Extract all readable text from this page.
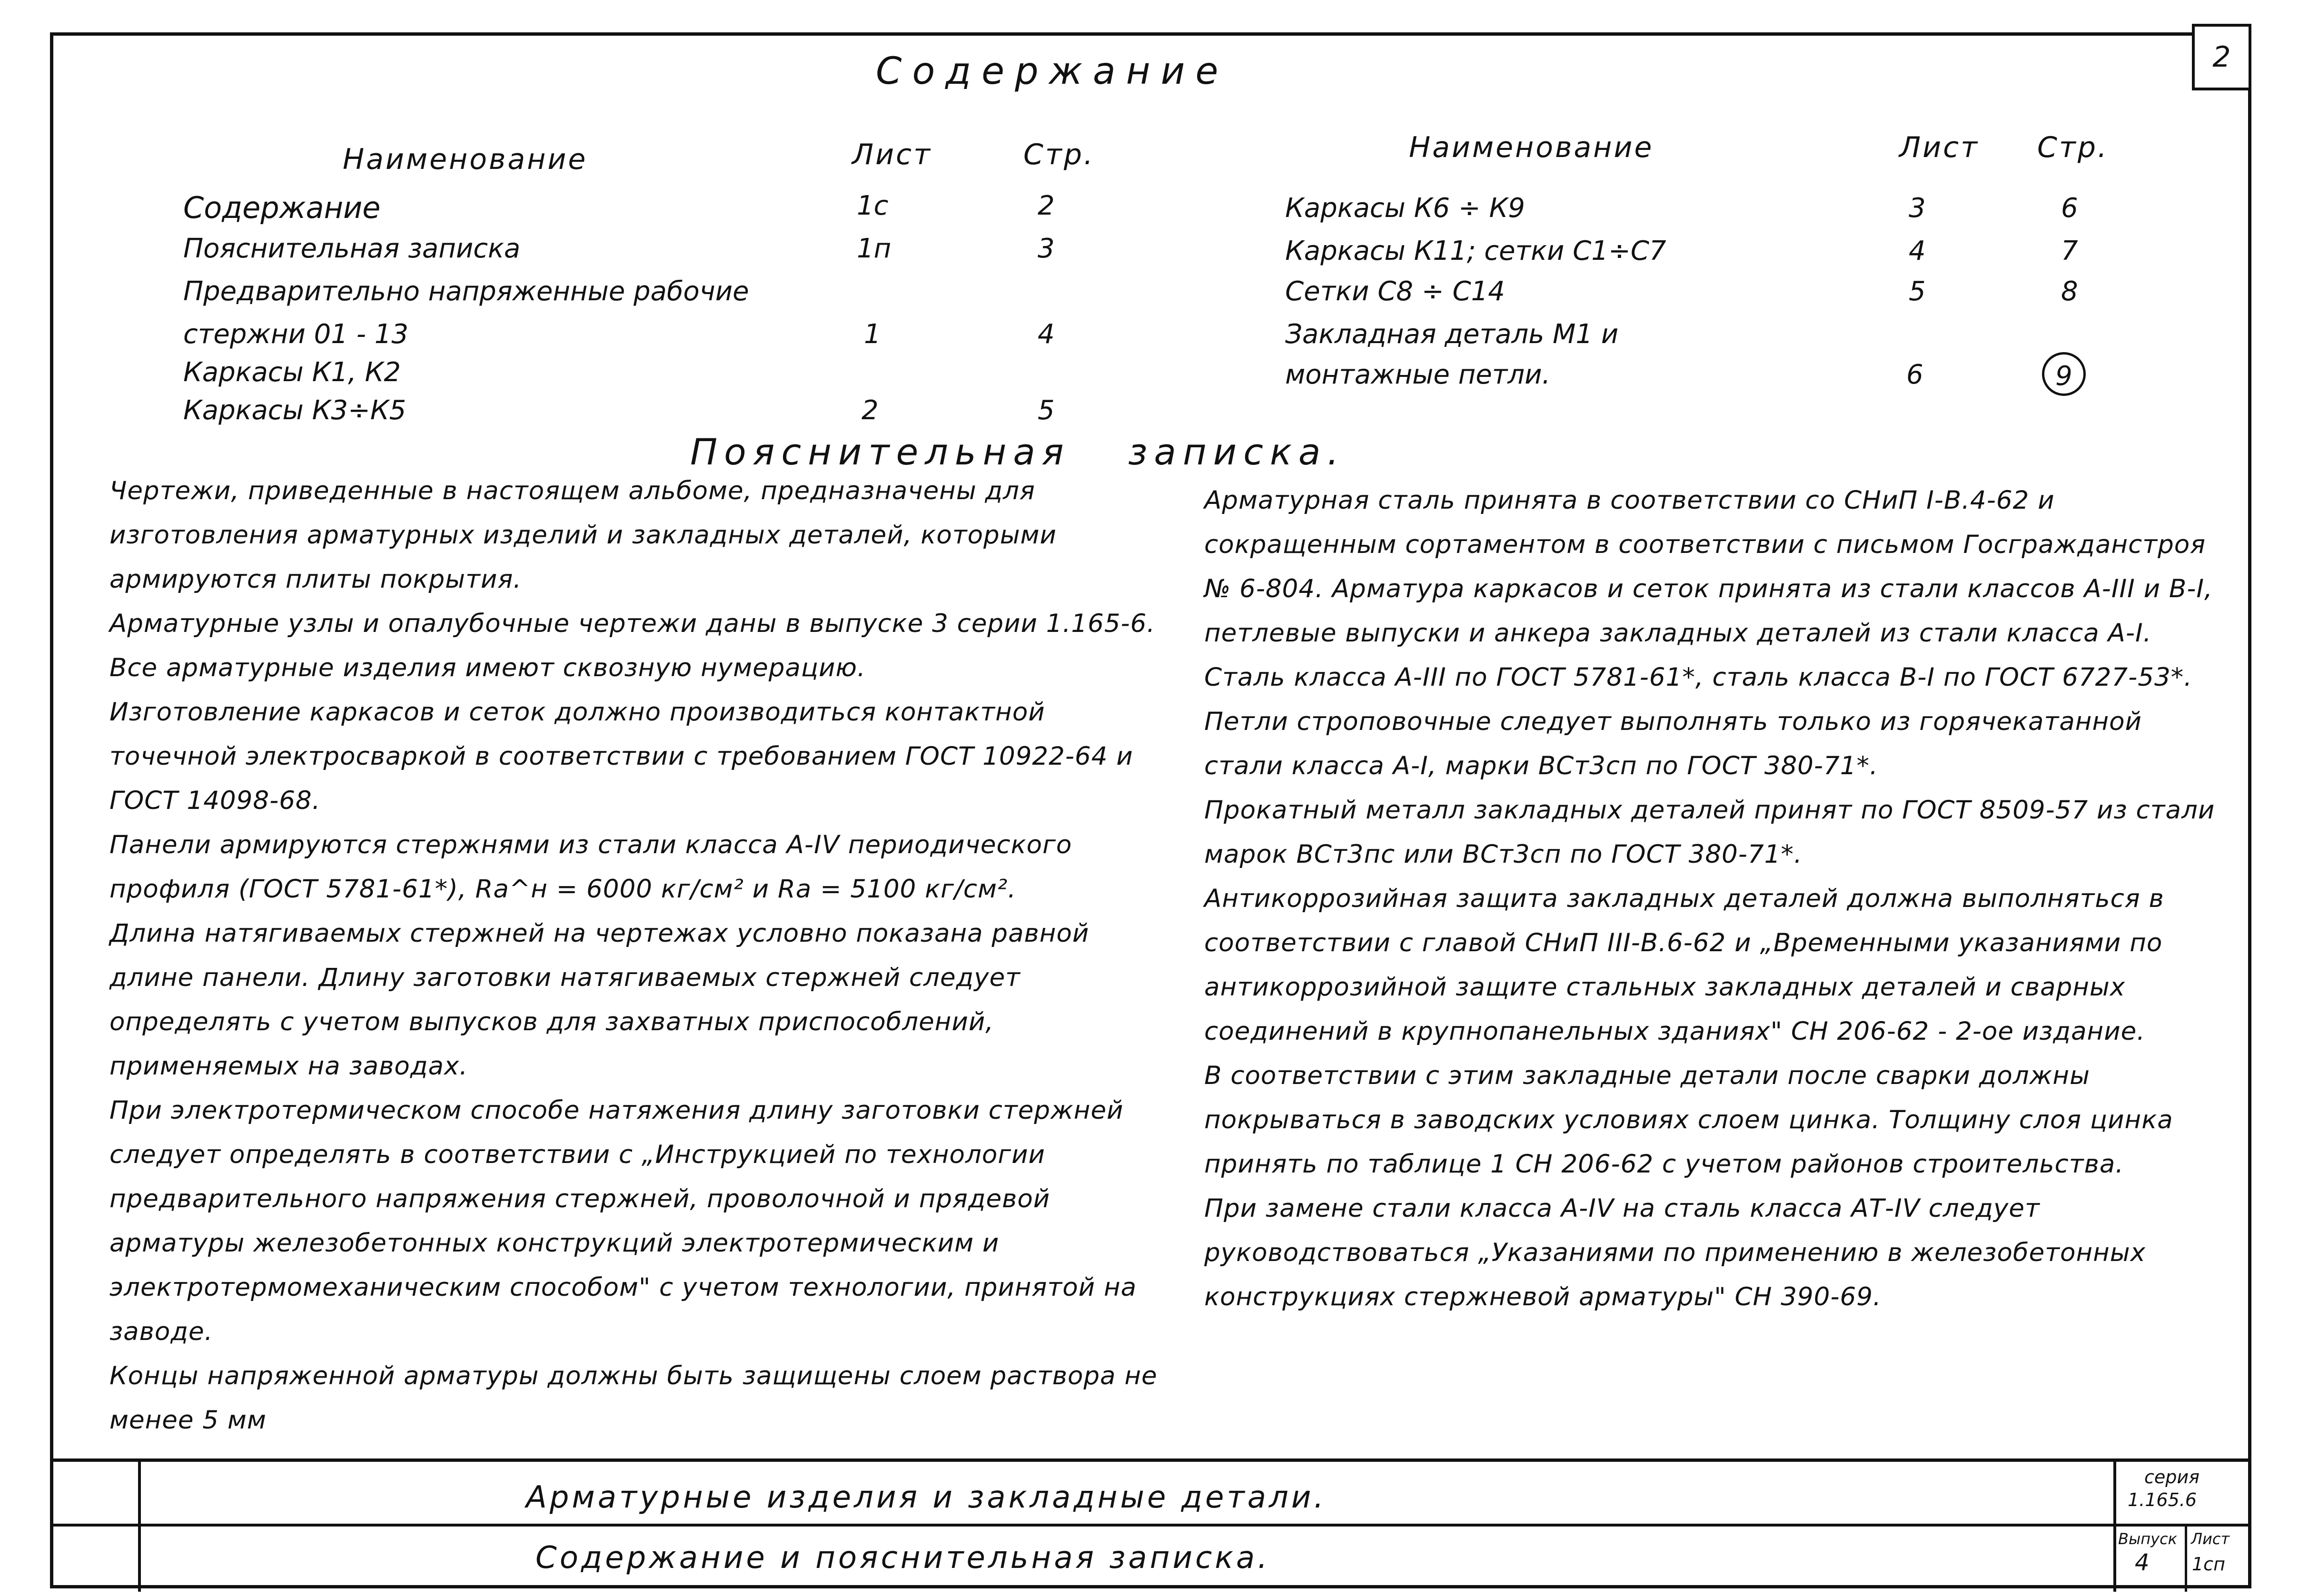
2
Содержание
Наименование	Лист	Стр.
Содержание	1с	2
Пояснительная записка	1п	3
Предварительно напряженные рабочие
стержни 01 - 13	1	4
Каркасы К1, К2
Каркасы К3÷К5	2	5
Наименование	Лист Стр.
Каркасы К6 ÷ К9	3	6
Каркасы К11; сетки С1÷С7	4	7
Сетки С8 ÷ С14	5	8
Закладная деталь М1 и
монтажные петли.	6	9
Пояснительная записка.

Чертежи, приведенные в настоящем альбоме, предназначены для изготовления арматурных изделий и закладных деталей, которыми армируются плиты покрытия.

Арматурные узлы и опалубочные чертежи даны в выпуске 3 серии 1.165-6.

Все арматурные изделия имеют сквозную нумерацию.

Изготовление каркасов и сеток должно производиться контактной точечной электросваркой в соответствии с требованием ГОСТ 10922-64 и ГОСТ 14098-68.

Панели армируются стержнями из стали класса А-IV периодического профиля (ГОСТ 5781-61*), Rа^н = 6000 кг/см² и Rа = 5100 кг/см².

Длина натягиваемых стержней на чертежах условно показана равной длине панели. Длину заготовки натягиваемых стержней следует определять с учетом выпусков для захватных приспособлений, применяемых на заводах.

При электротермическом способе натяжения длину заготовки стержней следует определять в соответствии с „Инструкцией по технологии предварительного напряжения стержней, проволочной и прядевой арматуры железобетонных конструкций электротермическим и электротермомеханическим способом" с учетом технологии, принятой на заводе.

Концы напряженной арматуры должны быть защищены слоем раствора не менее 5 мм

Арматурная сталь принята в соответствии со СНиП I-В.4-62 и сокращенным сортаментом в соответствии с письмом Госгражданстроя № 6-804. Арматура каркасов и сеток принята из стали классов А-III и В-I, петлевые выпуски и анкера закладных деталей из стали класса А-I. Сталь класса А-III по ГОСТ 5781-61*, сталь класса В-I по ГОСТ 6727-53*.

Петли строповочные следует выполнять только из горячекатанной стали класса А-I, марки ВСт3сп по ГОСТ 380-71*.

Прокатный металл закладных деталей принят по ГОСТ 8509-57 из стали марок ВСт3пс или ВСт3сп по ГОСТ 380-71*.

Антикоррозийная защита закладных деталей должна выполняться в соответствии с главой СНиП III-В.6-62 и „Временными указаниями по антикоррозийной защите стальных закладных деталей и сварных соединений в крупнопанельных зданиях" СН 206-62 - 2-ое издание.

В соответствии с этим закладные детали после сварки должны покрываться в заводских условиях слоем цинка. Толщину слоя цинка принять по таблице 1 СН 206-62 с учетом районов строительства.

При замене стали класса А-IV на сталь класса АТ-IV следует руководствоваться „Указаниями по применению в железобетонных конструкциях стержневой арматуры" СН 390-69.

Арматурные изделия и закладные детали.
Содержание и пояснительная записка.
серия
1.165.6
Выпуск
4
Лист
1сп
